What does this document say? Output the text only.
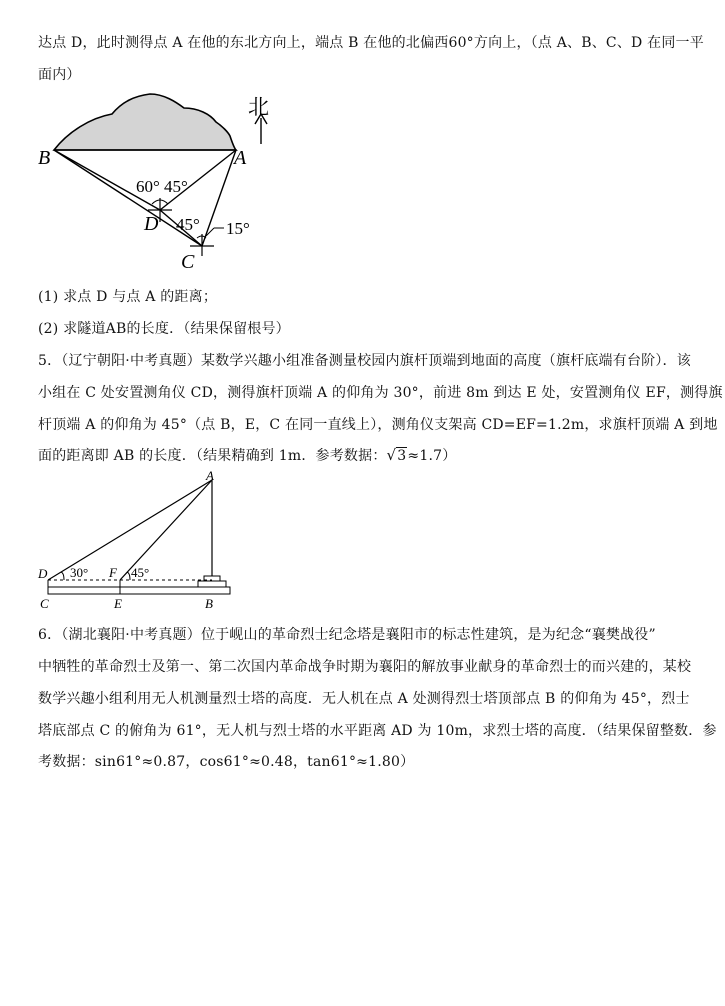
达点 D，此时测得点 A 在他的东北方向上，端点 B 在他的北偏西60°方向上，（点 A、B、C、D 在同一平
面内）
北
B	A
D
C
60° 45°
45° 15°
(1) 求点 D 与点 A 的距离；
(2) 求隧道AB的长度．（结果保留根号）
5．（辽宁朝阳·中考真题）某数学兴趣小组准备测量校园内旗杆顶端到地面的高度（旗杆底端有台阶）．该
小组在 C 处安置测角仪 CD，测得旗杆顶端 A 的仰角为 30°，前进 8m 到达 E 处，安置测角仪 EF，测得旗
杆顶端 A 的仰角为 45°（点 B，E，C 在同一直线上），测角仪支架高 CD=EF=1.2m，求旗杆顶端 A 到地
面的距离即 AB 的长度．（结果精确到 1m．参考数据：√3≈1.7）
A
D	F
C	E	B
30°	45°
6．（湖北襄阳·中考真题）位于岘山的革命烈士纪念塔是襄阳市的标志性建筑，是为纪念“襄樊战役”
中牺牲的革命烈士及第一、第二次国内革命战争时期为襄阳的解放事业献身的革命烈士的而兴建的，某校
数学兴趣小组利用无人机测量烈士塔的高度．无人机在点 A 处测得烈士塔顶部点 B 的仰角为 45°，烈士
塔底部点 C 的俯角为 61°，无人机与烈士塔的水平距离 AD 为 10m，求烈士塔的高度．（结果保留整数．参
考数据：sin61°≈0.87，cos61°≈0.48，tan61°≈1.80）
